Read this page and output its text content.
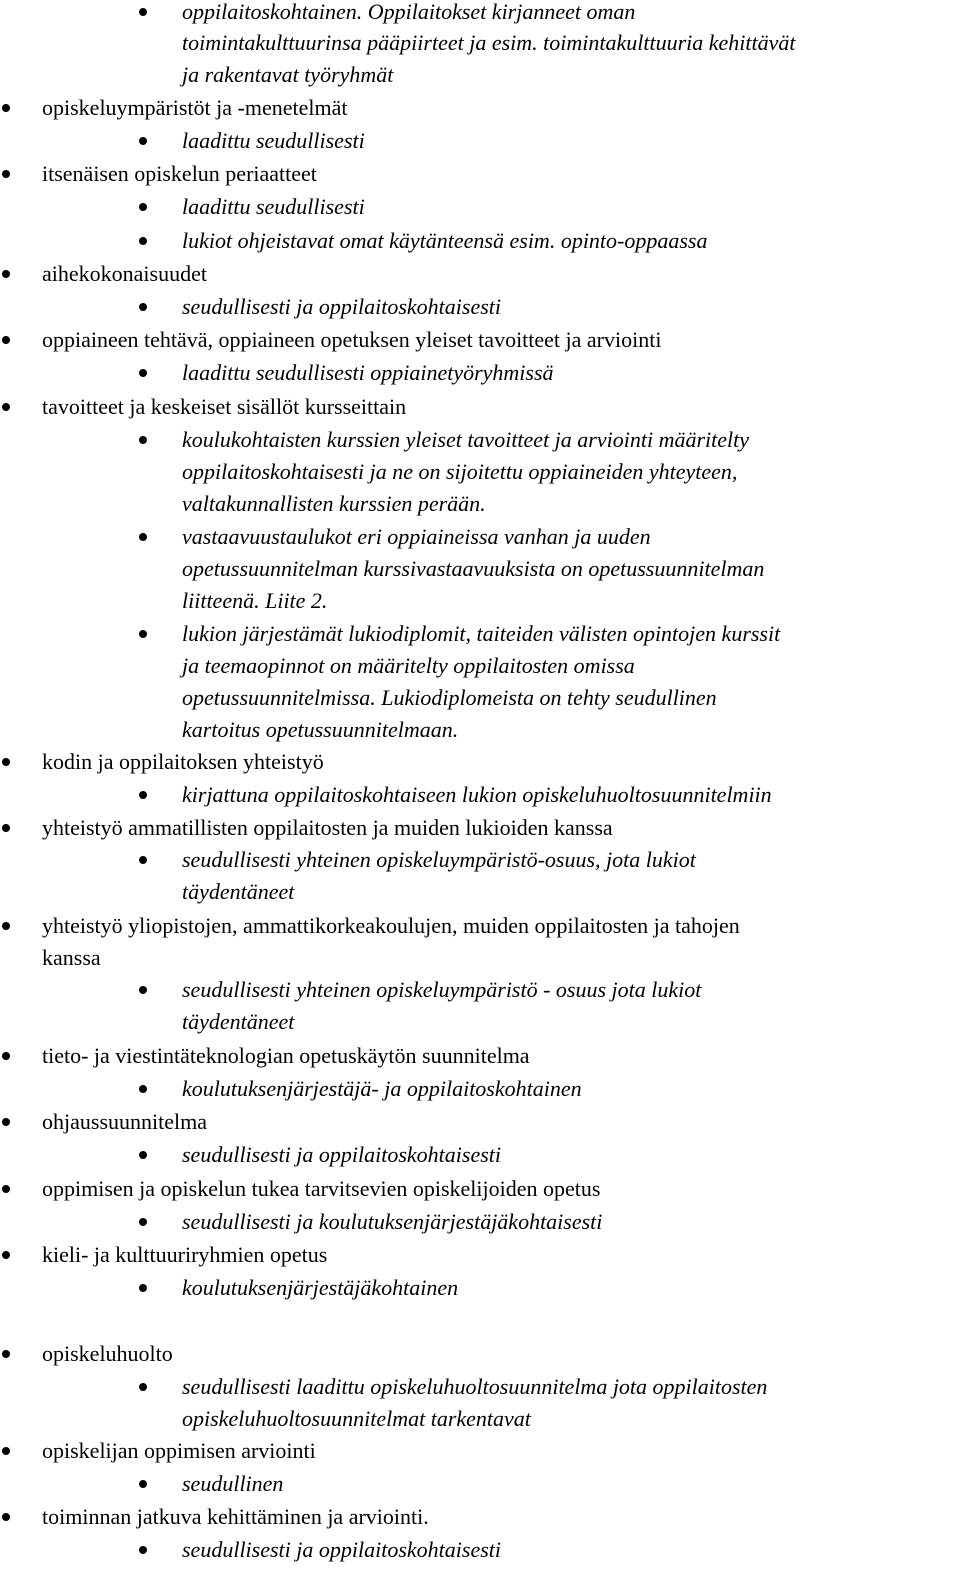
oppilaitoskohtainen. Oppilaitokset kirjanneet oman
toimintakulttuurinsa pääpiirteet ja esim. toimintakulttuuria kehittävät
ja rakentavat työryhmät
opiskeluympäristöt ja -menetelmät
laadittu seudullisesti
itsenäisen opiskelun periaatteet
laadittu seudullisesti
lukiot ohjeistavat omat käytänteensä esim. opinto-oppaassa
aihekokonaisuudet
seudullisesti ja oppilaitoskohtaisesti
oppiaineen tehtävä, oppiaineen opetuksen yleiset tavoitteet ja arviointi
laadittu seudullisesti oppiainetyöryhmissä
tavoitteet ja keskeiset sisällöt kursseittain
koulukohtaisten kurssien yleiset tavoitteet ja arviointi määritelty
oppilaitoskohtaisesti ja ne on sijoitettu oppiaineiden yhteyteen,
valtakunnallisten kurssien perään.
vastaavuustaulukot eri oppiaineissa vanhan ja uuden
opetussuunnitelman kurssivastaavuuksista on opetussuunnitelman
liitteenä. Liite 2.
lukion järjestämät lukiodiplomit, taiteiden välisten opintojen kurssit
ja teemaopinnot on määritelty oppilaitosten omissa
opetussuunnitelmissa. Lukiodiplomeista on tehty seudullinen
kartoitus opetussuunnitelmaan.
kodin ja oppilaitoksen yhteistyö
kirjattuna oppilaitoskohtaiseen lukion opiskeluhuoltosuunnitelmiin
yhteistyö ammatillisten oppilaitosten ja muiden lukioiden kanssa
seudullisesti yhteinen opiskeluympäristö-osuus, jota lukiot
täydentäneet
yhteistyö yliopistojen, ammattikorkeakoulujen, muiden oppilaitosten ja tahojen
kanssa
seudullisesti yhteinen opiskeluympäristö - osuus jota lukiot
täydentäneet
tieto- ja viestintäteknologian opetuskäytön suunnitelma
koulutuksenjärjestäjä- ja oppilaitoskohtainen
ohjaussuunnitelma
seudullisesti ja oppilaitoskohtaisesti
oppimisen ja opiskelun tukea tarvitsevien opiskelijoiden opetus
seudullisesti ja koulutuksenjärjestäjäkohtaisesti
kieli- ja kulttuuriryhmien opetus
koulutuksenjärjestäjäkohtainen
opiskeluhuolto
seudullisesti laadittu opiskeluhuoltosuunnitelma jota oppilaitosten
opiskeluhuoltosuunnitelmat tarkentavat
opiskelijan oppimisen arviointi
seudullinen
toiminnan jatkuva kehittäminen ja arviointi.
seudullisesti ja oppilaitoskohtaisesti
